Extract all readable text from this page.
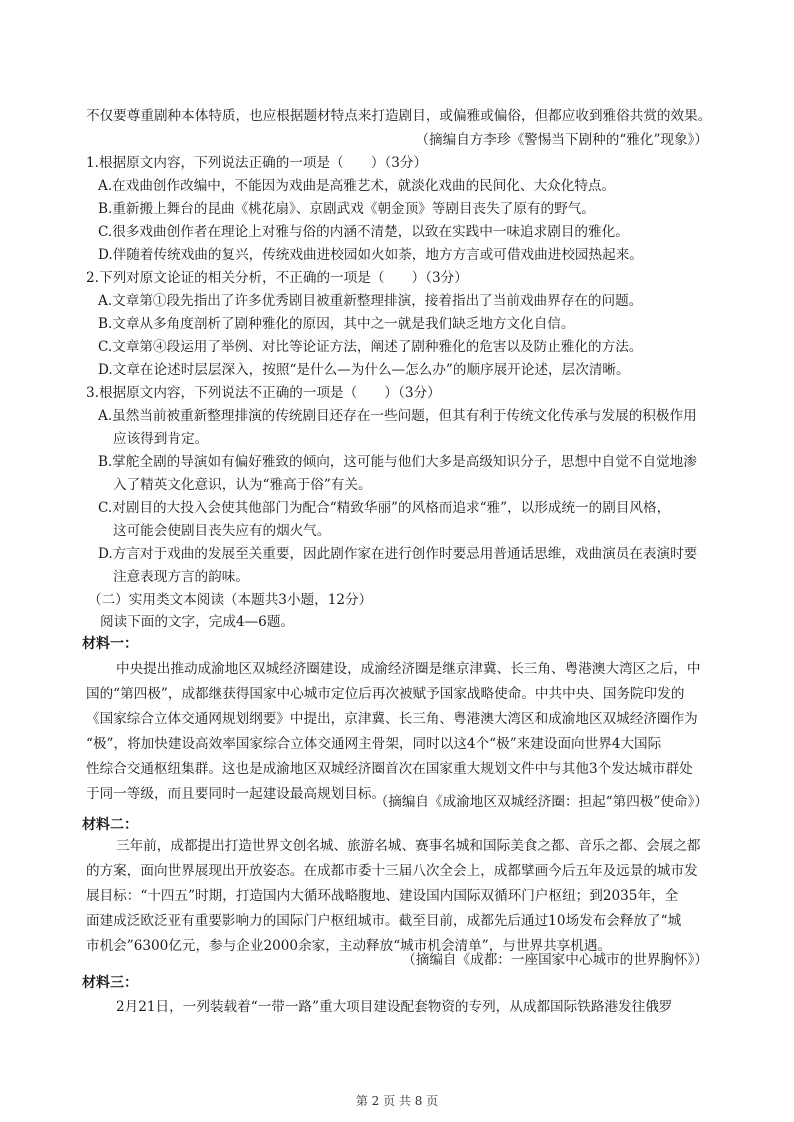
不仅要尊重剧种本体特质，也应根据题材特点来打造剧目，或偏雅或偏俗，但都应收到雅俗共赏的效果。
（摘编自方李珍《警惕当下剧种的“雅化”现象》）
1.根据原文内容，下列说法正确的一项是（　　）（3分）
A.在戏曲创作改编中，不能因为戏曲是高雅艺术，就淡化戏曲的民间化、大众化特点。
B.重新搬上舞台的昆曲《桃花扇》、京剧武戏《朝金顶》等剧目丧失了原有的野气。
C.很多戏曲创作者在理论上对雅与俗的内涵不清楚，以致在实践中一味追求剧目的雅化。
D.伴随着传统戏曲的复兴，传统戏曲进校园如火如荼，地方方言或可借戏曲进校园热起来。
2.下列对原文论证的相关分析，不正确的一项是（　　）（3分）
A.文章第①段先指出了许多优秀剧目被重新整理排演，接着指出了当前戏曲界存在的问题。
B.文章从多角度剖析了剧种雅化的原因，其中之一就是我们缺乏地方文化自信。
C.文章第④段运用了举例、对比等论证方法，阐述了剧种雅化的危害以及防止雅化的方法。
D.文章在论述时层层深入，按照“是什么—为什么—怎么办”的顺序展开论述，层次清晰。
3.根据原文内容，下列说法不正确的一项是（　　）（3分）
A.虽然当前被重新整理排演的传统剧目还存在一些问题，但其有利于传统文化传承与发展的积极作用
应该得到肯定。
B.掌舵全剧的导演如有偏好雅致的倾向，这可能与他们大多是高级知识分子，思想中自觉不自觉地渗
入了精英文化意识，认为“雅高于俗”有关。
C.对剧目的大投入会使其他部门为配合“精致华丽”的风格而追求“雅”，以形成统一的剧目风格，
这可能会使剧目丧失应有的烟火气。
D.方言对于戏曲的发展至关重要，因此剧作家在进行创作时要忌用普通话思维，戏曲演员在表演时要
注意表现方言的韵味。
（二）实用类文本阅读（本题共3小题，12分）
阅读下面的文字，完成4—6题。
材料一：
中央提出推动成渝地区双城经济圈建设，成渝经济圈是继京津冀、长三角、粤港澳大湾区之后，中
国的“第四极”，成都继获得国家中心城市定位后再次被赋予国家战略使命。中共中央、国务院印发的
《国家综合立体交通网规划纲要》中提出，京津冀、长三角、粤港澳大湾区和成渝地区双城经济圈作为
“极”，将加快建设高效率国家综合立体交通网主骨架，同时以这4个“极”来建设面向世界4大国际
性综合交通枢纽集群。这也是成渝地区双城经济圈首次在国家重大规划文件中与其他3个发达城市群处
于同一等级，而且要同时一起建设最高规划目标。
（摘编自《成渝地区双城经济圈：担起“第四极”使命》）
材料二：
三年前，成都提出打造世界文创名城、旅游名城、赛事名城和国际美食之都、音乐之都、会展之都
的方案，面向世界展现出开放姿态。在成都市委十三届八次全会上，成都擘画今后五年及远景的城市发
展目标：“十四五”时期，打造国内大循环战略腹地、建设国内国际双循环门户枢纽；到2035年，全
面建成泛欧泛亚有重要影响力的国际门户枢纽城市。截至目前，成都先后通过10场发布会释放了“城
市机会”6300亿元，参与企业2000余家，主动释放“城市机会清单”，与世界共享机遇。
（摘编自《成都：一座国家中心城市的世界胸怀》）
材料三：
2月21日，一列装载着“一带一路”重大项目建设配套物资的专列，从成都国际铁路港发往俄罗
第 2 页 共 8 页
